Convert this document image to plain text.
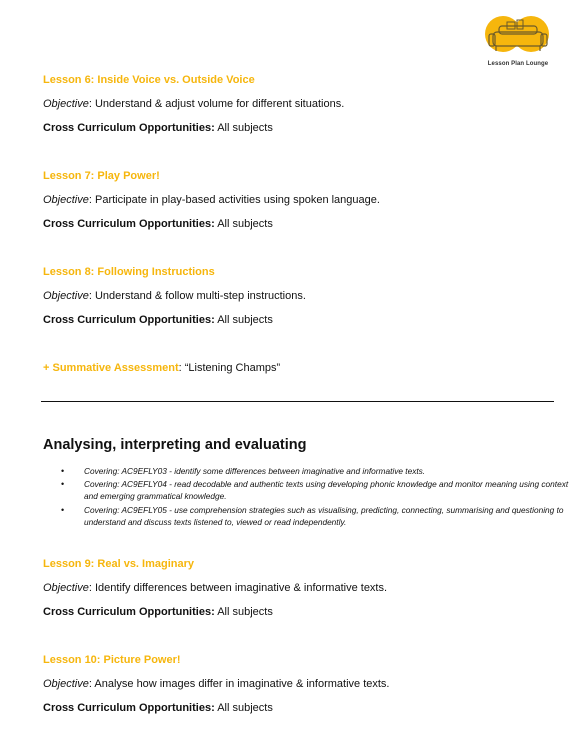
Lesson Plan Lounge
Lesson 6: Inside Voice vs. Outside Voice
Objective: Understand & adjust volume for different situations.
Cross Curriculum Opportunities: All subjects
Lesson 7: Play Power!
Objective: Participate in play-based activities using spoken language.
Cross Curriculum Opportunities: All subjects
Lesson 8: Following Instructions
Objective: Understand & follow multi-step instructions.
Cross Curriculum Opportunities: All subjects
+ Summative Assessment: “Listening Champs”
Analysing, interpreting and evaluating
• Covering: AC9EFLY03 - identify some differences between imaginative and informative texts.
• Covering: AC9EFLY04 - read decodable and authentic texts using developing phonic knowledge and monitor meaning using context and emerging grammatical knowledge.
• Covering: AC9EFLY05 - use comprehension strategies such as visualising, predicting, connecting, summarising and questioning to understand and discuss texts listened to, viewed or read independently.
Lesson 9: Real vs. Imaginary
Objective: Identify differences between imaginative & informative texts.
Cross Curriculum Opportunities: All subjects
Lesson 10: Picture Power!
Objective: Analyse how images differ in imaginative & informative texts.
Cross Curriculum Opportunities: All subjects
